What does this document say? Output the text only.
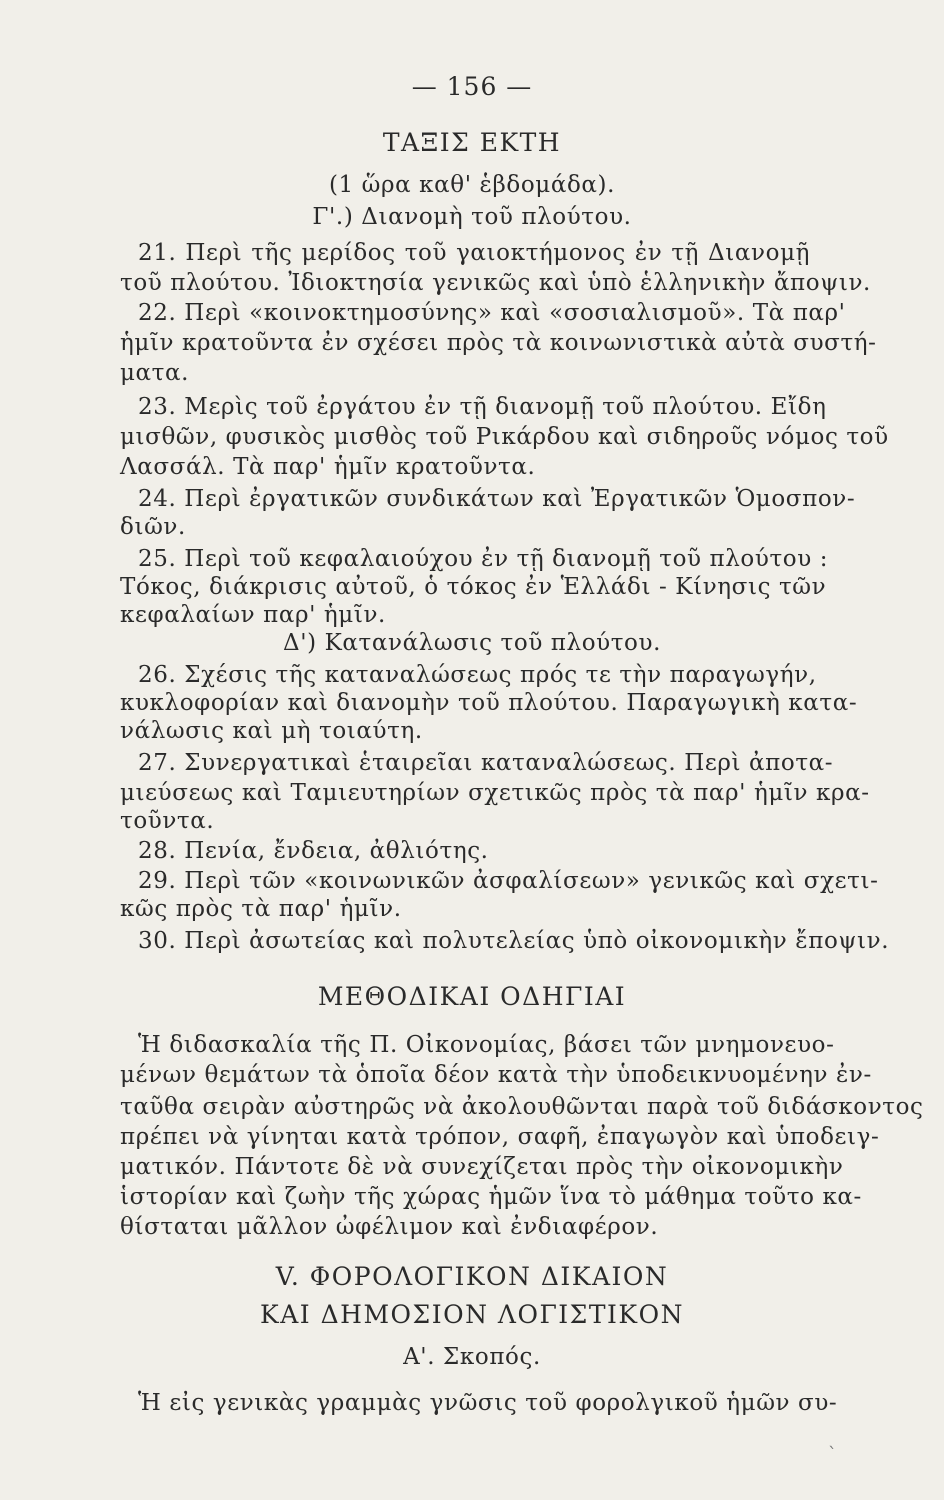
— 156 —
ΤΑΞΙΣ ΕΚΤΗ
(1 ὥρα καθ' ἑβδομάδα).
Γ'.) Διανομὴ τοῦ πλούτου.
21. Περὶ τῆς μερίδος τοῦ γαιοκτήμονος ἐν τῇ Διανομῇ
τοῦ πλούτου. Ἰδιοκτησία γενικῶς καὶ ὑπὸ ἑλληνικὴν ἄποψιν.
22. Περὶ «κοινοκτημοσύνης» καὶ «σοσιαλισμοῦ». Τὰ παρ'
ἡμῖν κρατοῦντα ἐν σχέσει πρὸς τὰ κοινωνιστικὰ αὐτὰ συστή-
ματα.
23. Μερὶς τοῦ ἐργάτου ἐν τῇ διανομῇ τοῦ πλούτου. Εἴδη
μισθῶν, φυσικὸς μισθὸς τοῦ Ρικάρδου καὶ σιδηροῦς νόμος τοῦ
Λασσάλ. Τὰ παρ' ἡμῖν κρατοῦντα.
24. Περὶ ἐργατικῶν συνδικάτων καὶ Ἐργατικῶν Ὁμοσπον-
διῶν.
25. Περὶ τοῦ κεφαλαιούχου ἐν τῇ διανομῇ τοῦ πλούτου :
Τόκος, διάκρισις αὐτοῦ, ὁ τόκος ἐν Ἑλλάδι - Κίνησις τῶν
κεφαλαίων παρ' ἡμῖν.
Δ') Κατανάλωσις τοῦ πλούτου.
26. Σχέσις τῆς καταναλώσεως πρός τε τὴν παραγωγήν,
κυκλοφορίαν καὶ διανομὴν τοῦ πλούτου. Παραγωγικὴ κατα-
νάλωσις καὶ μὴ τοιαύτη.
27. Συνεργατικαὶ ἑταιρεῖαι καταναλώσεως. Περὶ ἀποτα-
μιεύσεως καὶ Ταμιευτηρίων σχετικῶς πρὸς τὰ παρ' ἡμῖν κρα-
τοῦντα.
28. Πενία, ἔνδεια, ἀθλιότης.
29. Περὶ τῶν «κοινωνικῶν ἀσφαλίσεων» γενικῶς καὶ σχετι-
κῶς πρὸς τὰ παρ' ἡμῖν.
30. Περὶ ἀσωτείας καὶ πολυτελείας ὑπὸ οἰκονομικὴν ἔποψιν.
ΜΕΘΟΔΙΚΑΙ ΟΔΗΓΙΑΙ
Ἡ διδασκαλία τῆς Π. Οἰκονομίας, βάσει τῶν μνημονευο-
μένων θεμάτων τὰ ὁποῖα δέον κατὰ τὴν ὑποδεικνυομένην ἐν-
ταῦθα σειρὰν αὐστηρῶς νὰ ἀκολουθῶνται παρὰ τοῦ διδάσκοντος
πρέπει νὰ γίνηται κατὰ τρόπον, σαφῆ, ἐπαγωγὸν καὶ ὑποδειγ-
ματικόν. Πάντοτε δὲ νὰ συνεχίζεται πρὸς τὴν οἰκονομικὴν
ἱστορίαν καὶ ζωὴν τῆς χώρας ἡμῶν ἵνα τὸ μάθημα τοῦτο κα-
θίσταται μᾶλλον ὠφέλιμον καὶ ἐνδιαφέρον.
V. ΦΟΡΟΛΟΓΙΚΟΝ ΔΙΚΑΙΟΝ
ΚΑΙ ΔΗΜΟΣΙΟΝ ΛΟΓΙΣΤΙΚΟΝ
Α'. Σκοπός.
Ἡ εἰς γενικὰς γραμμὰς γνῶσις τοῦ φορολγικοῦ ἡμῶν συ-
`
